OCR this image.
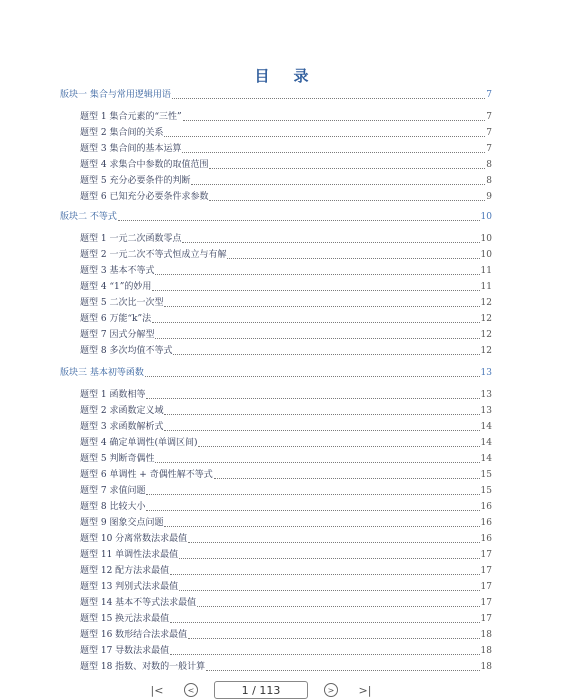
目录
版块一 集合与常用逻辑用语	7
题型 1 集合元素的“三性”	7
题型 2 集合间的关系	7
题型 3 集合间的基本运算	7
题型 4 求集合中参数的取值范围	8
题型 5 充分必要条件的判断	8
题型 6 已知充分必要条件求参数	9
版块二 不等式	10
题型 1 一元二次函数零点	10
题型 2 一元二次不等式恒成立与有解	10
题型 3 基本不等式	11
题型 4 “1”的妙用	11
题型 5 二次比一次型	12
题型 6 万能“k”法	12
题型 7 因式分解型	12
题型 8 多次均值不等式	12
版块三 基本初等函数	13
题型 1 函数相等	13
题型 2 求函数定义域	13
题型 3 求函数解析式	14
题型 4 确定单调性(单调区间)	14
题型 5 判断奇偶性	14
题型 6 单调性 + 奇偶性解不等式	15
题型 7 求值问题	15
题型 8 比较大小	16
题型 9 图象交点问题	16
题型 10 分离常数法求最值	16
题型 11 单调性法求最值	17
题型 12 配方法求最值	17
题型 13 判别式法求最值	17
题型 14 基本不等式法求最值	17
题型 15 换元法求最值	17
题型 16 数形结合法求最值	18
题型 17 导数法求最值	18
题型 18 指数、对数的一般计算	18
|<	<	1 / 113	>	>|
